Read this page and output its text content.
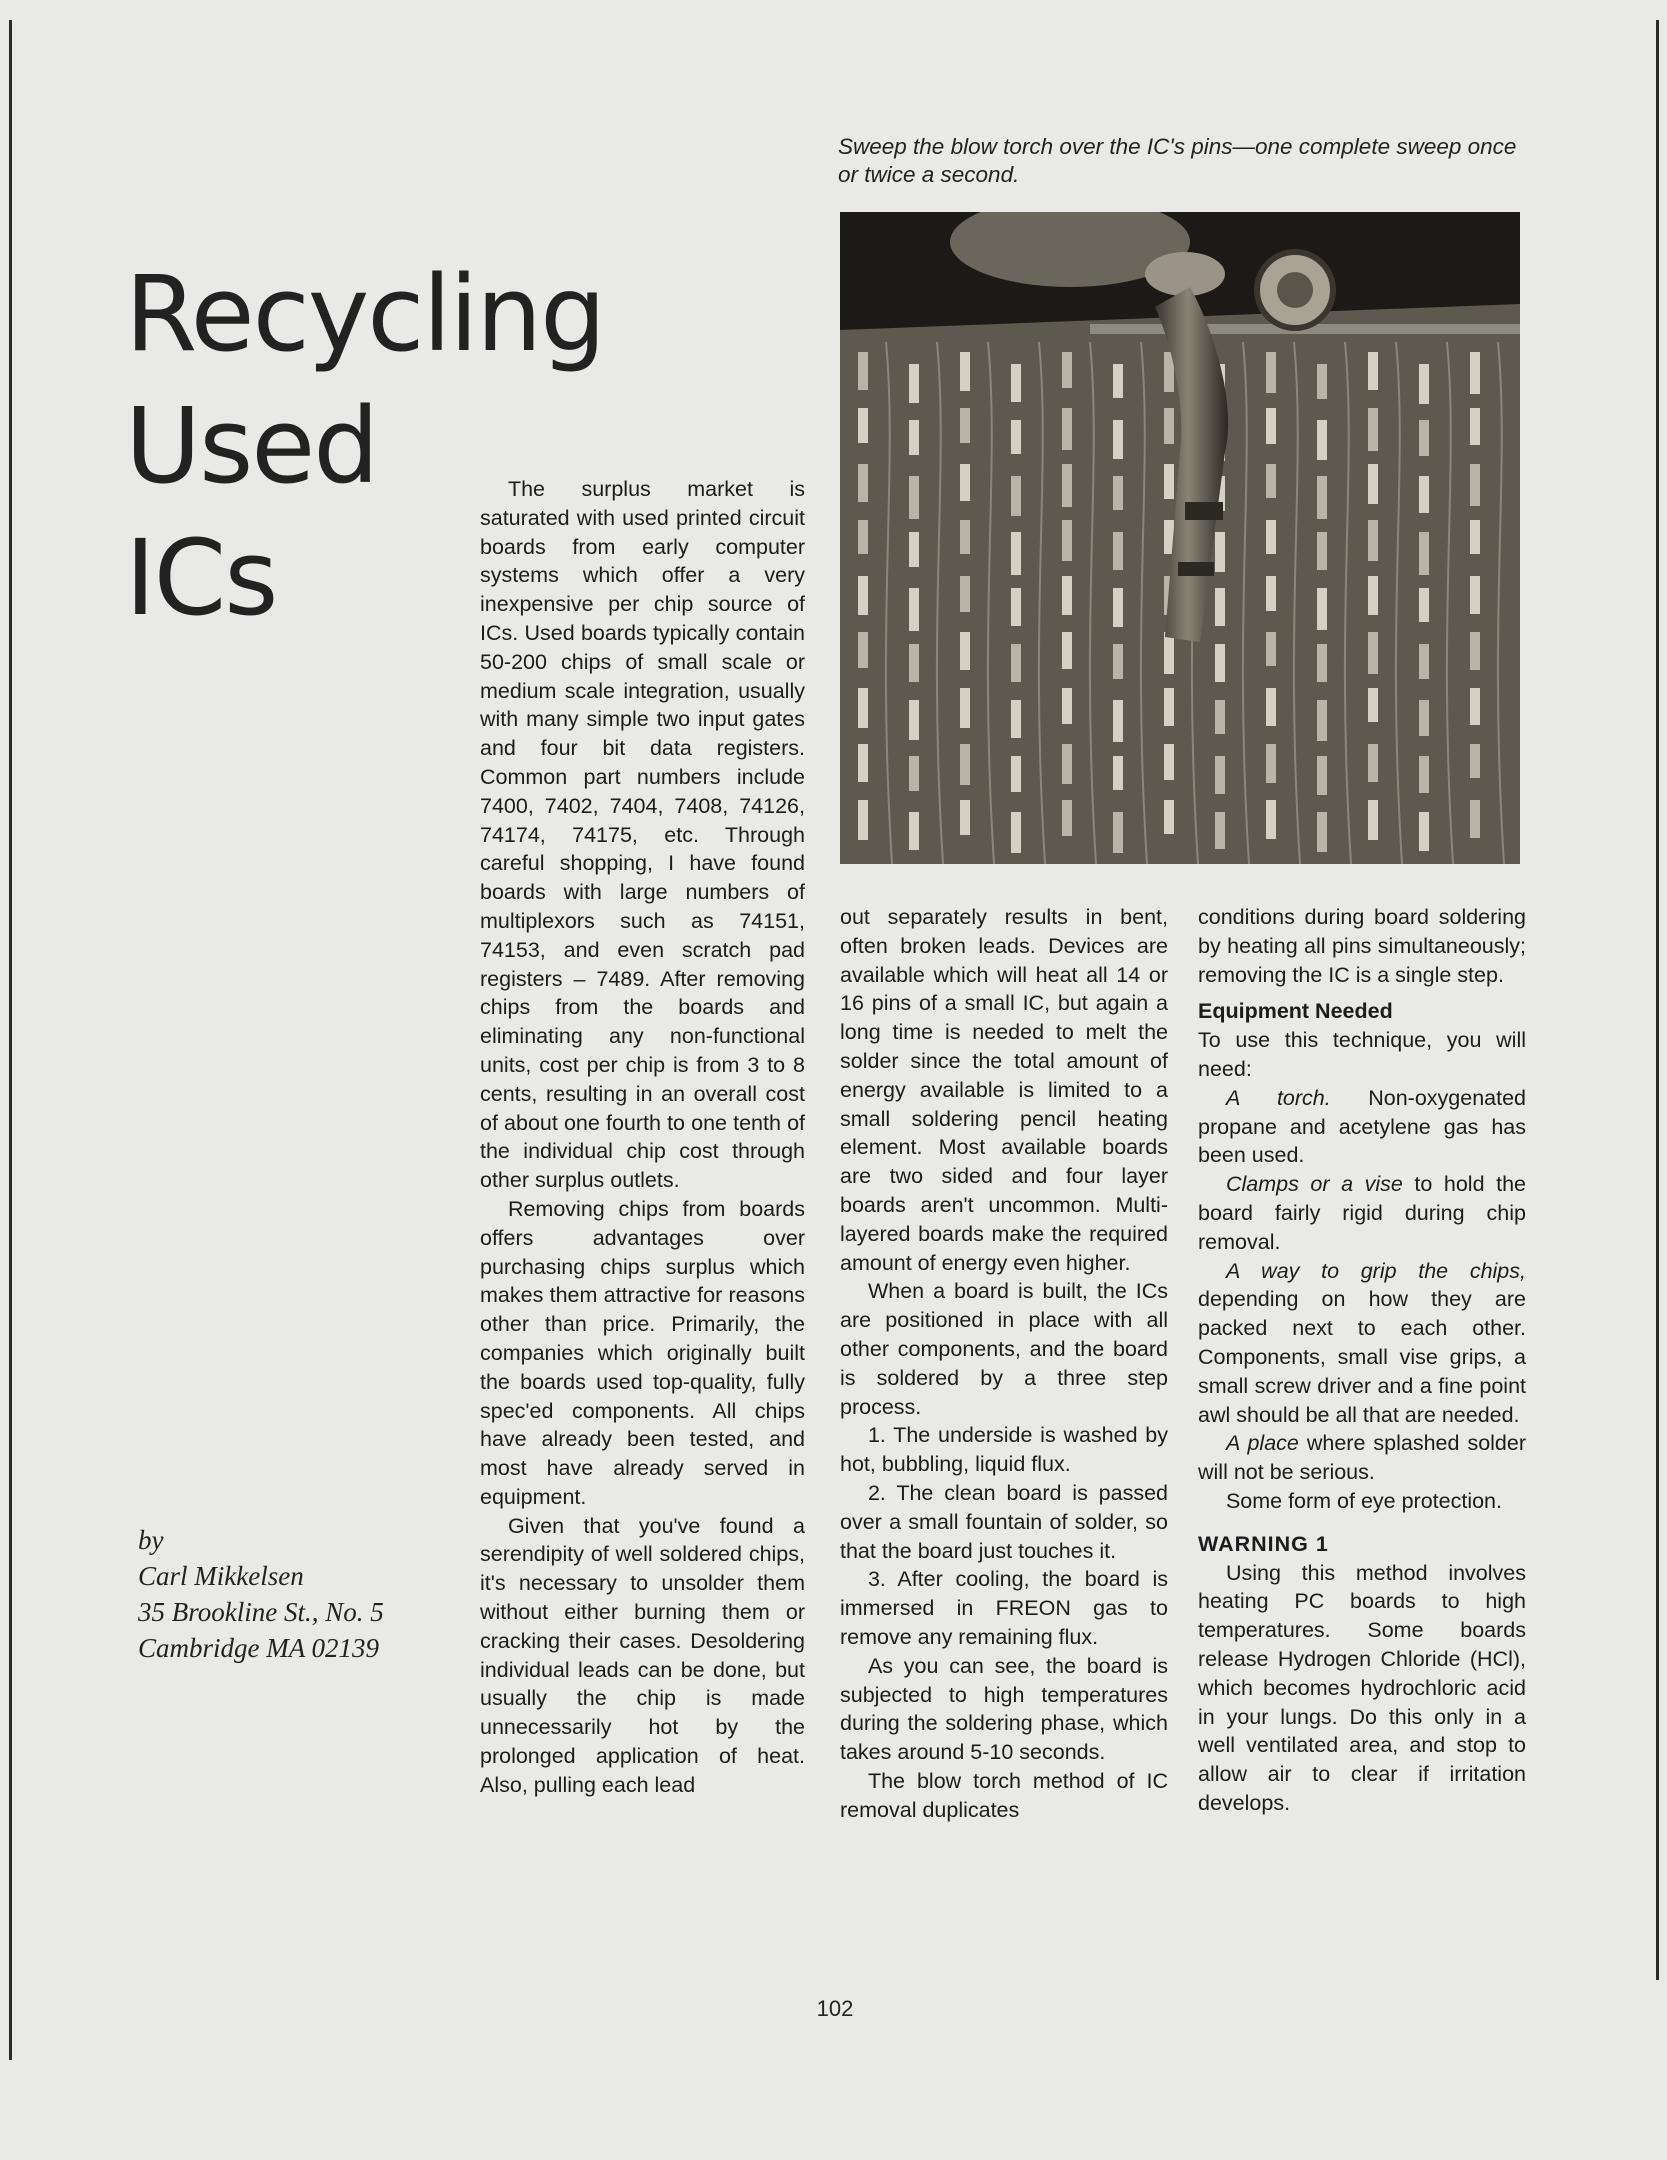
Recycling
Used
ICs
by
Carl Mikkelsen
35 Brookline St., No. 5
Cambridge MA 02139
Sweep the blow torch over the IC's pins—one complete sweep once or twice a second.

The surplus market is saturated with used printed circuit boards from early computer systems which offer a very inexpensive per chip source of ICs. Used boards typically contain 50-200 chips of small scale or medium scale integration, usually with many simple two input gates and four bit data registers. Common part numbers include 7400, 7402, 7404, 7408, 74126, 74174, 74175, etc. Through careful shopping, I have found boards with large numbers of multiplexors such as 74151, 74153, and even scratch pad registers – 7489. After removing chips from the boards and eliminating any non-functional units, cost per chip is from 3 to 8 cents, resulting in an overall cost of about one fourth to one tenth of the individual chip cost through other surplus outlets.

Removing chips from boards offers advantages over purchasing chips surplus which makes them attractive for reasons other than price. Primarily, the companies which originally built the boards used top-quality, fully spec'ed components. All chips have already been tested, and most have already served in equipment.

Given that you've found a serendipity of well soldered chips, it's necessary to unsolder them without either burning them or cracking their cases. Desoldering individual leads can be done, but usually the chip is made unnecessarily hot by the prolonged application of heat. Also, pulling each lead

out separately results in bent, often broken leads. Devices are available which will heat all 14 or 16 pins of a small IC, but again a long time is needed to melt the solder since the total amount of energy available is limited to a small soldering pencil heating element. Most available boards are two sided and four layer boards aren't uncommon. Multi-layered boards make the required amount of energy even higher.

When a board is built, the ICs are positioned in place with all other components, and the board is soldered by a three step process.

1. The underside is washed by hot, bubbling, liquid flux.

2. The clean board is passed over a small fountain of solder, so that the board just touches it.

3. After cooling, the board is immersed in FREON gas to remove any remaining flux.

As you can see, the board is subjected to high temperatures during the soldering phase, which takes around 5-10 seconds.

The blow torch method of IC removal duplicates

conditions during board soldering by heating all pins simultaneously; removing the IC is a single step.

Equipment Needed

To use this technique, you will need:

A torch. Non-oxygenated propane and acetylene gas has been used.

Clamps or a vise to hold the board fairly rigid during chip removal.

A way to grip the chips, depending on how they are packed next to each other. Components, small vise grips, a small screw driver and a fine point awl should be all that are needed.

A place where splashed solder will not be serious.

Some form of eye protection.

WARNING 1

Using this method involves heating PC boards to high temperatures. Some boards release Hydrogen Chloride (HCl), which becomes hydrochloric acid in your lungs. Do this only in a well ventilated area, and stop to allow air to clear if irritation develops.

102
